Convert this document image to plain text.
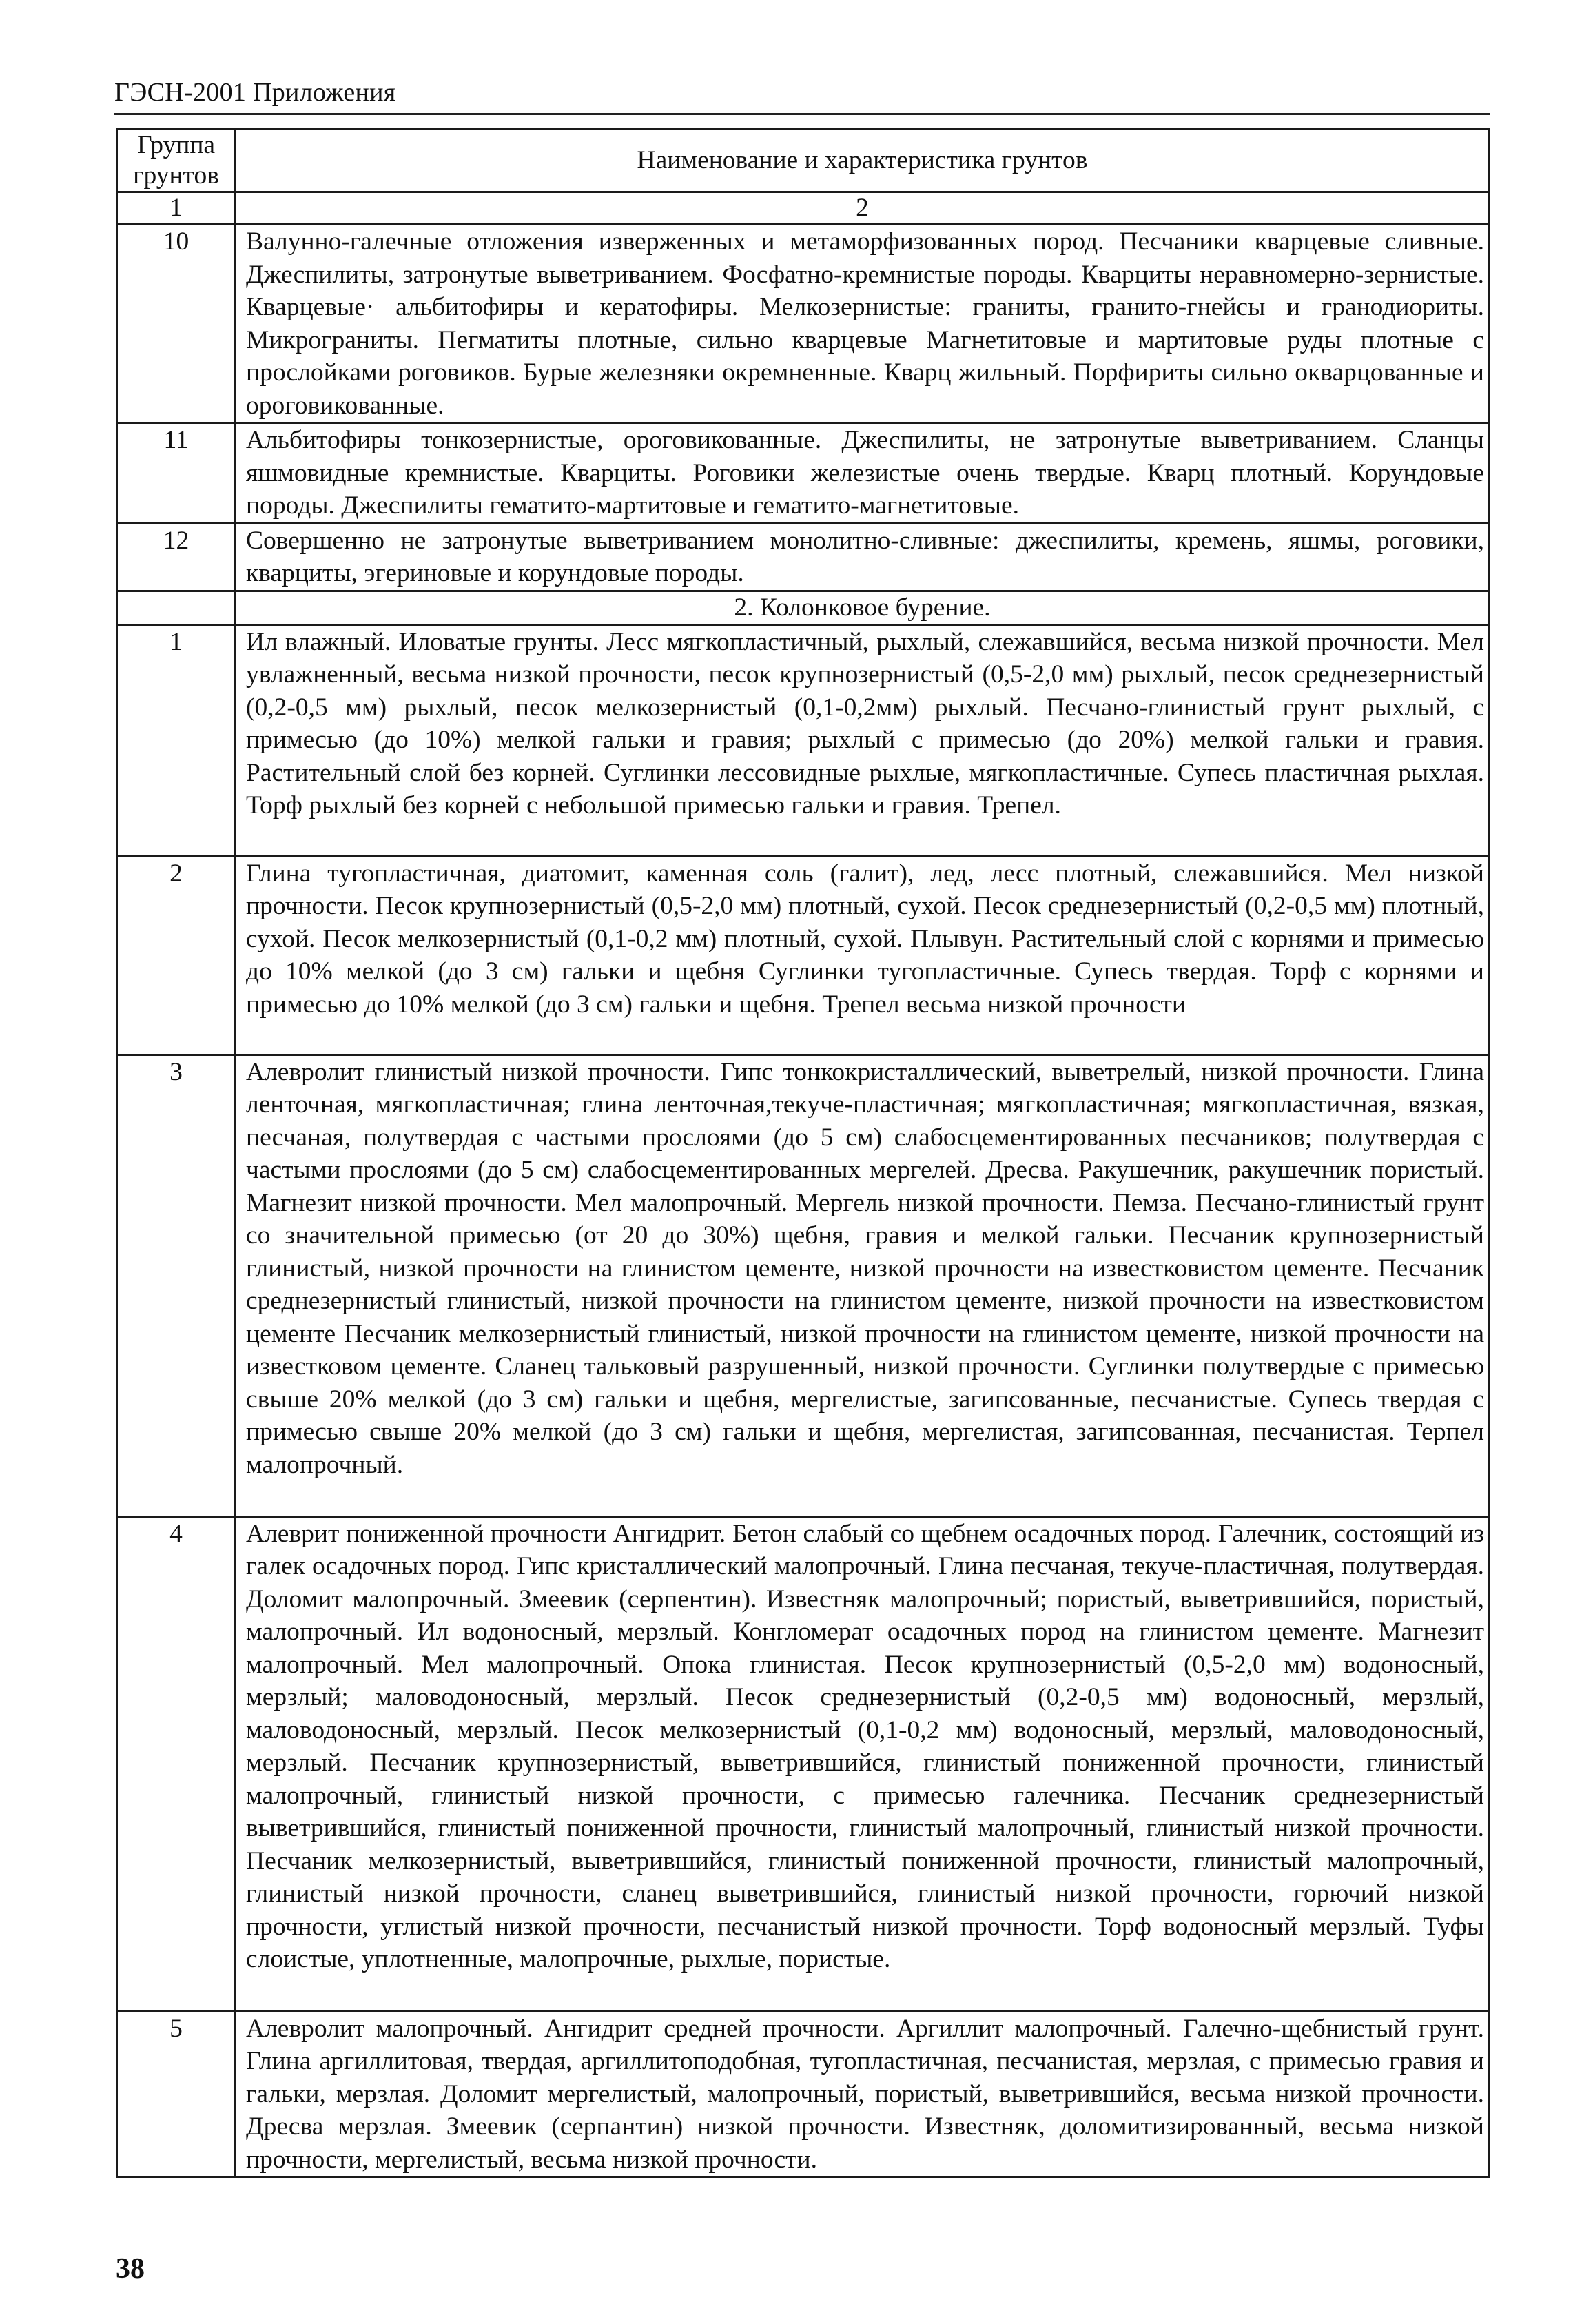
ГЭСН-2001 Приложения
Группа грунтов	Наименование и характеристика грунтов
1	2
10	Валунно-галечные отложения изверженных и метаморфизованных пород. Песчаники кварцевые сливные. Джеспилиты, затронутые выветриванием. Фосфатно-кремнистые породы. Кварциты неравномерно-зернистые. Кварцевые· альбитофиры и кератофиры. Мелкозернистые: граниты, гранито-гнейсы и гранодиориты. Микрограниты. Пегматиты плотные, сильно кварцевые Магнетитовые и мартитовые руды плотные с прослойками роговиков. Бурые железняки окремненные. Кварц жильный. Порфириты сильно окварцованные и ороговикованные.
11	Альбитофиры тонкозернистые, ороговикованные. Джеспилиты, не затронутые выветриванием. Сланцы яшмовидные кремнистые. Кварциты. Роговики железистые очень твердые. Кварц плотный. Корундовые породы. Джеспилиты гематито-мартитовые и гематито-магнетитовые.
12	Совершенно не затронутые выветриванием монолитно-сливные: джеспилиты, кремень, яшмы, роговики, кварциты, эгериновые и корундовые породы.
	2. Колонковое бурение.
1	Ил влажный. Иловатые грунты. Лесс мягкопластичный, рыхлый, слежавшийся, весьма низкой прочности. Мел увлажненный, весьма низкой прочности, песок крупнозернистый (0,5-2,0 мм) рыхлый, песок среднезернистый (0,2-0,5 мм) рыхлый, песок мелкозернистый (0,1-0,2мм) рыхлый. Песчано-глинистый грунт рыхлый, с примесью (до 10%) мелкой гальки и гравия; рыхлый с примесью (до 20%) мелкой гальки и гравия. Растительный слой без корней. Суглинки лессовидные рыхлые, мягкопластичные. Супесь пластичная рыхлая. Торф рыхлый без корней с небольшой примесью гальки и гравия. Трепел.
2	Глина тугопластичная, диатомит, каменная соль (галит), лед, лесс плотный, слежавшийся. Мел низкой прочности. Песок крупнозернистый (0,5-2,0 мм) плотный, сухой. Песок среднезернистый (0,2-0,5 мм) плотный, сухой. Песок мелкозернистый (0,1-0,2 мм) плотный, сухой. Плывун. Растительный слой с корнями и примесью до 10% мелкой (до 3 см) гальки и щебня Суглинки тугопластичные. Супесь твердая. Торф с корнями и примесью до 10% мелкой (до 3 см) гальки и щебня. Трепел весьма низкой прочности
3	Алевролит глинистый низкой прочности. Гипс тонкокристаллический, выветрелый, низкой прочности. Глина ленточная, мягкопластичная; глина ленточная,текуче-пластичная; мягкопластичная; мягкопластичная, вязкая, песчаная, полутвердая с частыми прослоями (до 5 см) слабосцементированных песчаников; полутвердая с частыми прослоями (до 5 см) слабосцементированных мергелей. Дресва. Ракушечник, ракушечник пористый. Магнезит низкой прочности. Мел малопрочный. Мергель низкой прочности. Пемза. Песчано-глинистый грунт со значительной примесью (от 20 до 30%) щебня, гравия и мелкой гальки. Песчаник крупнозернистый глинистый, низкой прочности на глинистом цементе, низкой прочности на известковистом цементе. Песчаник среднезернистый глинистый, низкой прочности на глинистом цементе, низкой прочности на известковистом цементе Песчаник мелкозернистый глинистый, низкой прочности на глинистом цементе, низкой прочности на известковом цементе. Сланец тальковый разрушенный, низкой прочности. Суглинки полутвердые с примесью свыше 20% мелкой (до 3 см) гальки и щебня, мергелистые, загипсованные, песчанистые. Супесь твердая с примесью свыше 20% мелкой (до 3 см) гальки и щебня, мергелистая, загипсованная, песчанистая. Терпел малопрочный.
4	Алеврит пониженной прочности Ангидрит. Бетон слабый со щебнем осадочных пород. Галечник, состоящий из галек осадочных пород. Гипс кристаллический малопрочный. Глина песчаная, текуче-пластичная, полутвердая. Доломит малопрочный. Змеевик (серпентин). Известняк малопрочный; пористый, выветрившийся, пористый, малопрочный. Ил водоносный, мерзлый. Конгломерат осадочных пород на глинистом цементе. Магнезит малопрочный. Мел малопрочный. Опока глинистая. Песок крупнозернистый (0,5-2,0 мм) водоносный, мерзлый; маловодоносный, мерзлый. Песок среднезернистый (0,2-0,5 мм) водоносный, мерзлый, маловодоносный, мерзлый. Песок мелкозернистый (0,1-0,2 мм) водоносный, мерзлый, маловодоносный, мерзлый. Песчаник крупнозернистый, выветрившийся, глинистый пониженной прочности, глинистый малопрочный, глинистый низкой прочности, с примесью галечника. Песчаник среднезернистый выветрившийся, глинистый пониженной прочности, глинистый малопрочный, глинистый низкой прочности. Песчаник мелкозернистый, выветрившийся, глинистый пониженной прочности, глинистый малопрочный, глинистый низкой прочности, сланец выветрившийся, глинистый низкой прочности, горючий низкой прочности, углистый низкой прочности, песчанистый низкой прочности. Торф водоносный мерзлый. Туфы слоистые, уплотненные, малопрочные, рыхлые, пористые.
5	Алевролит малопрочный. Ангидрит средней прочности. Аргиллит малопрочный. Галечно-щебнистый грунт. Глина аргиллитовая, твердая, аргиллитоподобная, тугопластичная, песчанистая, мерзлая, с примесью гравия и гальки, мерзлая. Доломит мергелистый, малопрочный, пористый, выветрившийся, весьма низкой прочности. Дресва мерзлая. Змеевик (серпантин) низкой прочности. Известняк, доломитизированный, весьма низкой прочности, мергелистый, весьма низкой прочности.
38
